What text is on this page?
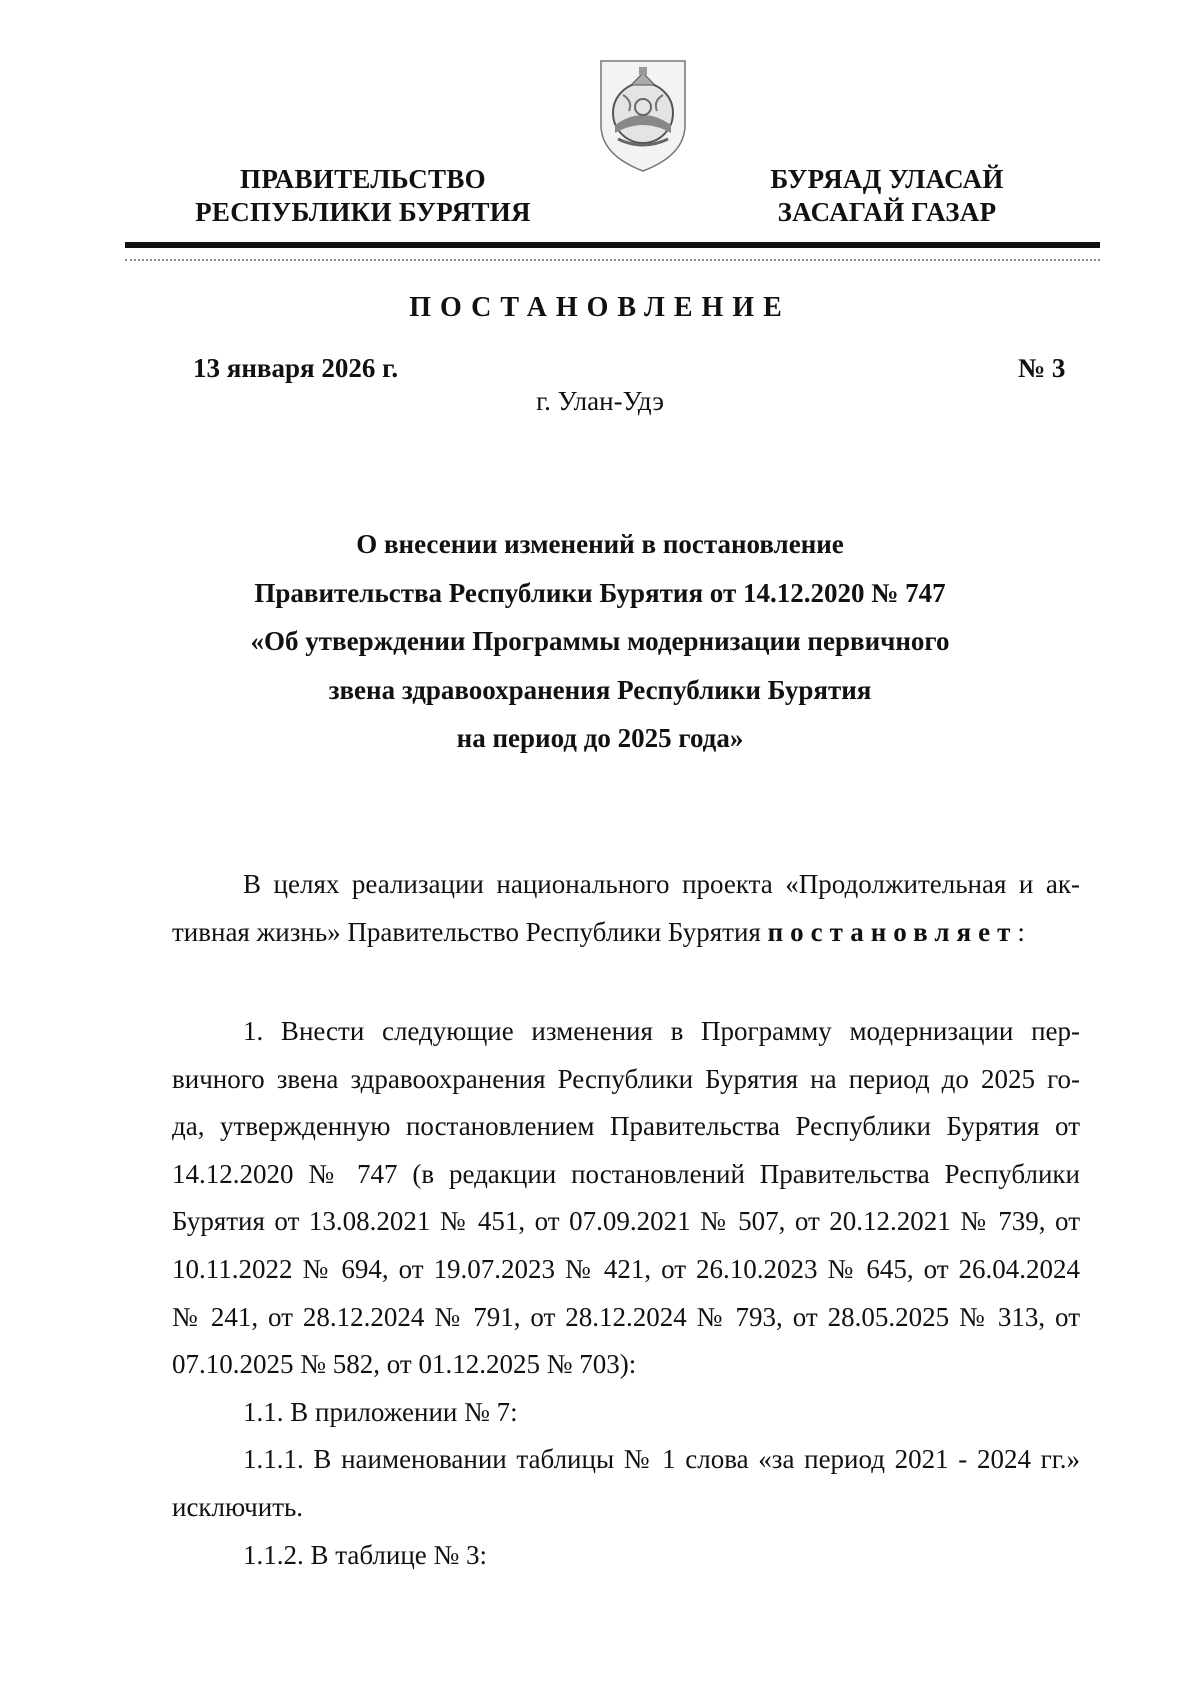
ПРАВИТЕЛЬСТВО
РЕСПУБЛИКИ БУРЯТИЯ
БУРЯАД УЛАСАЙ
ЗАСАГАЙ ГАЗАР
ПОСТАНОВЛЕНИЕ
13 января 2026 г.	№ 3
г. Улан-Удэ
О внесении изменений в постановление
Правительства Республики Бурятия от 14.12.2020 № 747
«Об утверждении Программы модернизации первичного
звена здравоохранения Республики Бурятия
на период до 2025 года»
В целях реализации национального проекта «Продолжительная и ак-
тивная жизнь» Правительство Республики Бурятия постановляет:
1. Внести следующие изменения в Программу модернизации пер-
вичного звена здравоохранения Республики Бурятия на период до 2025 го-
да, утвержденную постановлением Правительства Республики Бурятия от
14.12.2020 № 747 (в редакции постановлений Правительства Республики
Бурятия от 13.08.2021 № 451, от 07.09.2021 № 507, от 20.12.2021 № 739, от
10.11.2022 № 694, от 19.07.2023 № 421, от 26.10.2023 № 645, от 26.04.2024
№ 241, от 28.12.2024 № 791, от 28.12.2024 № 793, от 28.05.2025 № 313, от
07.10.2025 № 582, от 01.12.2025 № 703):
1.1. В приложении № 7:
1.1.1. В наименовании таблицы № 1 слова «за период 2021 - 2024 гг.»
исключить.
1.1.2. В таблице № 3:
